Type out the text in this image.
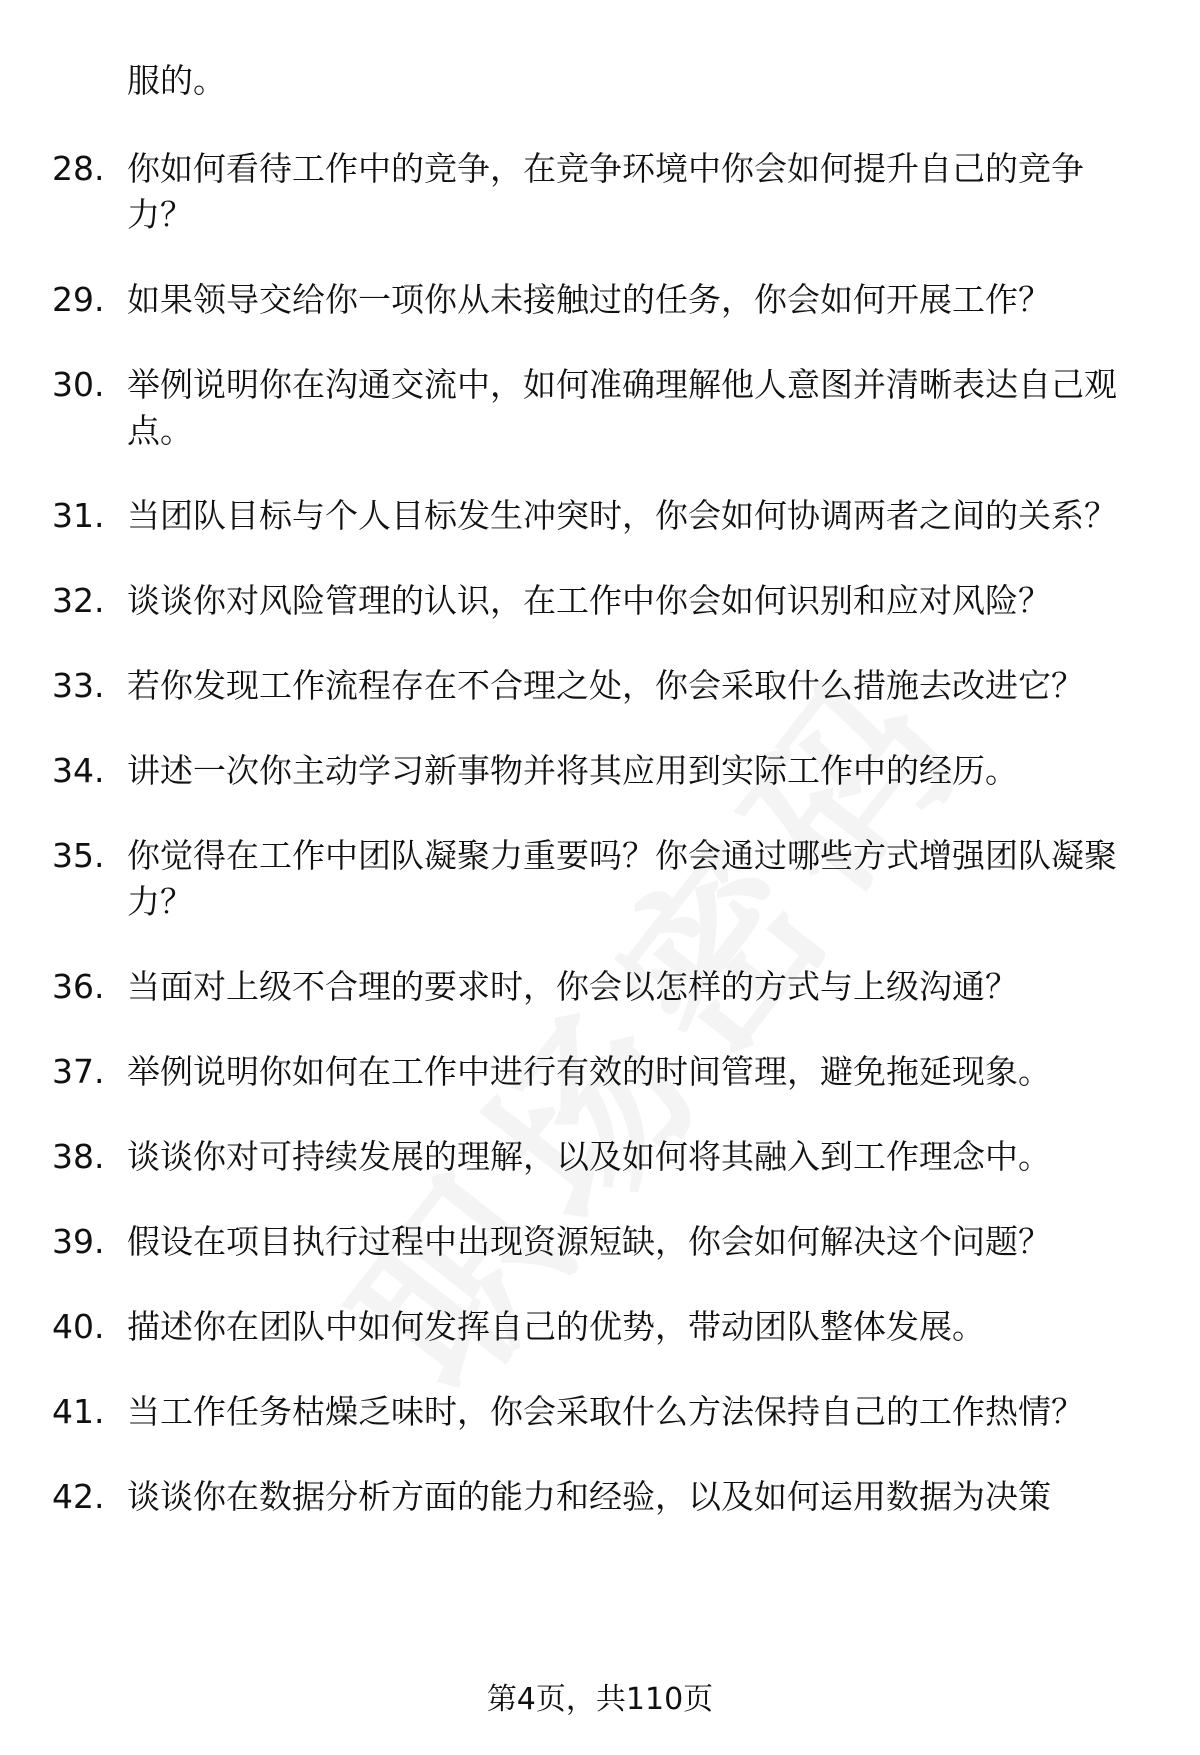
服的。
28. 你如何看待工作中的竞争，在竞争环境中你会如何提升自己的竞争力？
29. 如果领导交给你一项你从未接触过的任务，你会如何开展工作？
30. 举例说明你在沟通交流中，如何准确理解他人意图并清晰表达自己观点。
31. 当团队目标与个人目标发生冲突时，你会如何协调两者之间的关系？
32. 谈谈你对风险管理的认识，在工作中你会如何识别和应对风险？
33. 若你发现工作流程存在不合理之处，你会采取什么措施去改进它？
34. 讲述一次你主动学习新事物并将其应用到实际工作中的经历。
35. 你觉得在工作中团队凝聚力重要吗？你会通过哪些方式增强团队凝聚力？
36. 当面对上级不合理的要求时，你会以怎样的方式与上级沟通？
37. 举例说明你如何在工作中进行有效的时间管理，避免拖延现象。
38. 谈谈你对可持续发展的理解，以及如何将其融入到工作理念中。
39. 假设在项目执行过程中出现资源短缺，你会如何解决这个问题？
40. 描述你在团队中如何发挥自己的优势，带动团队整体发展。
41. 当工作任务枯燥乏味时，你会采取什么方法保持自己的工作热情？
42. 谈谈你在数据分析方面的能力和经验，以及如何运用数据为决策
第4页，共110页
